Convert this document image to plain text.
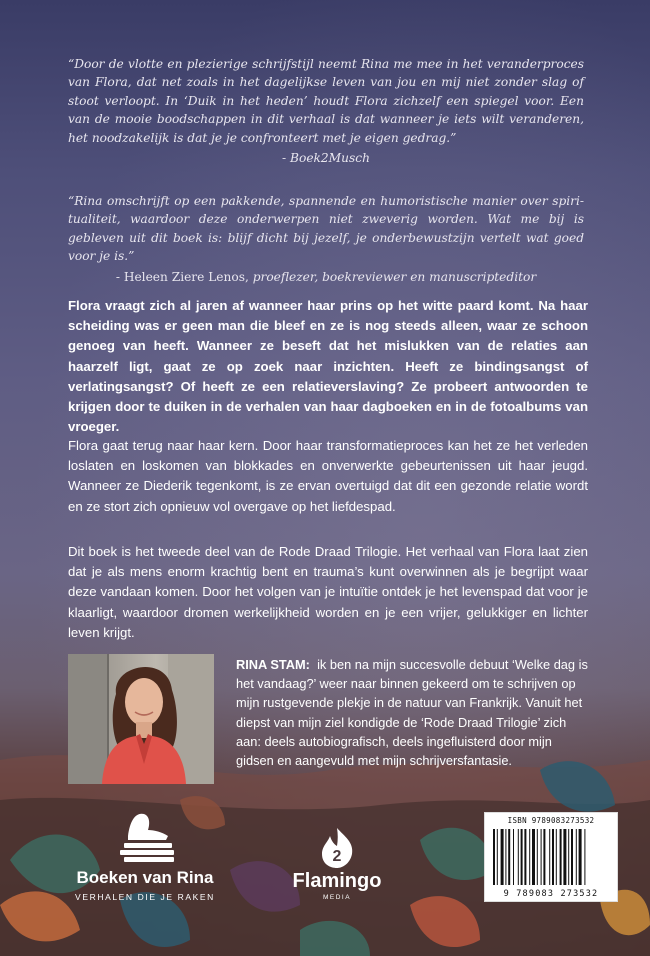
“Door de vlotte en plezierige schrijfstijl neemt Rina me mee in het veranderproces van Flora, dat net zoals in het dagelijkse leven van jou en mij niet zonder slag of stoot verloopt. In ‘Duik in het heden’ houdt Flora zichzelf een spiegel voor. Een van de mooie boodschappen in dit verhaal is dat wanneer je iets wilt veranderen, het noodzakelijk is dat je je confronteert met je eigen gedrag.”
- Boek2Musch
“Rina omschrijft op een pakkende, spannende en humoristische manier over spiritualiteit, waardoor deze onderwerpen niet zweverig worden. Wat me bij is gebleven uit dit boek is: blijf dicht bij jezelf, je onderbewustzijn vertelt wat goed voor je is.”
- Heleen Ziere Lenos, proeflezer, boekreviewer en manuscripteditor
Flora vraagt zich al jaren af wanneer haar prins op het witte paard komt. Na haar scheiding was er geen man die bleef en ze is nog steeds alleen, waar ze schoon genoeg van heeft. Wanneer ze beseft dat het mislukken van de relaties aan haarzelf ligt, gaat ze op zoek naar inzichten. Heeft ze bindingsangst of verlatingsangst? Of heeft ze een relatieverslaving? Ze probeert antwoorden te krijgen door te duiken in de verhalen van haar dagboeken en in de fotoalbums van vroeger.
Flora gaat terug naar haar kern. Door haar transformatieproces kan het ze het verleden loslaten en loskomen van blokkades en onverwerkte gebeurtenissen uit haar jeugd. Wanneer ze Diederik tegenkomt, is ze ervan overtuigd dat dit een gezonde relatie wordt en ze stort zich opnieuw vol overgave op het liefdespad.
Dit boek is het tweede deel van de Rode Draad Trilogie. Het verhaal van Flora laat zien dat je als mens enorm krachtig bent en trauma’s kunt overwinnen als je begrijpt waar deze vandaan komen. Door het volgen van je intuïtie ontdek je het levenspad dat voor je klaarligt, waardoor dromen werkelijkheid worden en je een vrijer, gelukkiger en lichter leven krijgt.
RINA STAM: ik ben na mijn succesvolle debuut ‘Welke dag is het vandaag?’ weer naar binnen gekeerd om te schrijven op mijn rustgevende plekje in de natuur van Frankrijk. Vanuit het diepst van mijn ziel kondigde de ‘Rode Draad Trilogie’ zich aan: deels autobiografisch, deels ingefluisterd door mijn gidsen en aangevuld met mijn schrijversfantasie.
Boeken van Rina
VERHALEN DIE JE RAKEN
2
Flamingo
MEDIA
ISBN 9789083273532
9 789083 273532
